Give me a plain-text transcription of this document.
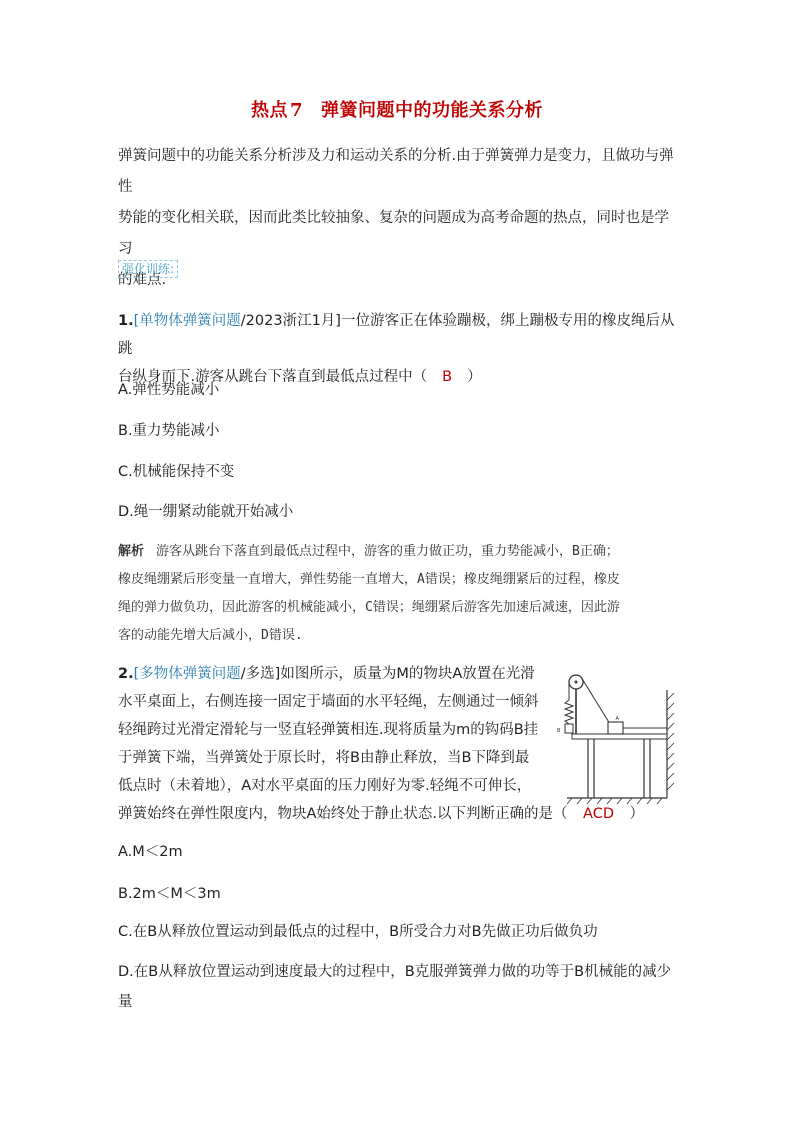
热点 7 弹簧问题中的功能关系分析
弹簧问题中的功能关系分析涉及力和运动关系的分析.由于弹簧弹力是变力，且做功与弹性
势能的变化相关联，因而此类比较抽象、复杂的问题成为高考命题的热点，同时也是学习
的难点.
强化训练:
1.[单物体弹簧问题/2023浙江1月]一位游客正在体验蹦极，绑上蹦极专用的橡皮绳后从跳
台纵身而下.游客从跳台下落直到最低点过程中（ B ）
A.弹性势能减小
B.重力势能减小
C.机械能保持不变
D.绳一绷紧动能就开始减小
解析 游客从跳台下落直到最低点过程中，游客的重力做正功，重力势能减小，B正确；
橡皮绳绷紧后形变量一直增大，弹性势能一直增大，A错误；橡皮绳绷紧后的过程，橡皮
绳的弹力做负功，因此游客的机械能减小，C错误；绳绷紧后游客先加速后减速，因此游
客的动能先增大后减小，D错误.
2.[多物体弹簧问题/多选]如图所示，质量为M的物块A放置在光滑
水平桌面上，右侧连接一固定于墙面的水平轻绳，左侧通过一倾斜
轻绳跨过光滑定滑轮与一竖直轻弹簧相连.现将质量为m的钩码B挂
于弹簧下端，当弹簧处于原长时，将B由静止释放，当B下降到最
低点时（未着地），A对水平桌面的压力刚好为零.轻绳不可伸长，
弹簧始终在弹性限度内，物块A始终处于静止状态.以下判断正确的是（ ACD ）
A
B
A.M＜2m
B.2m＜M＜3m
C.在B从释放位置运动到最低点的过程中，B所受合力对B先做正功后做负功
D.在B从释放位置运动到速度最大的过程中，B克服弹簧弹力做的功等于B机械能的减少
量
